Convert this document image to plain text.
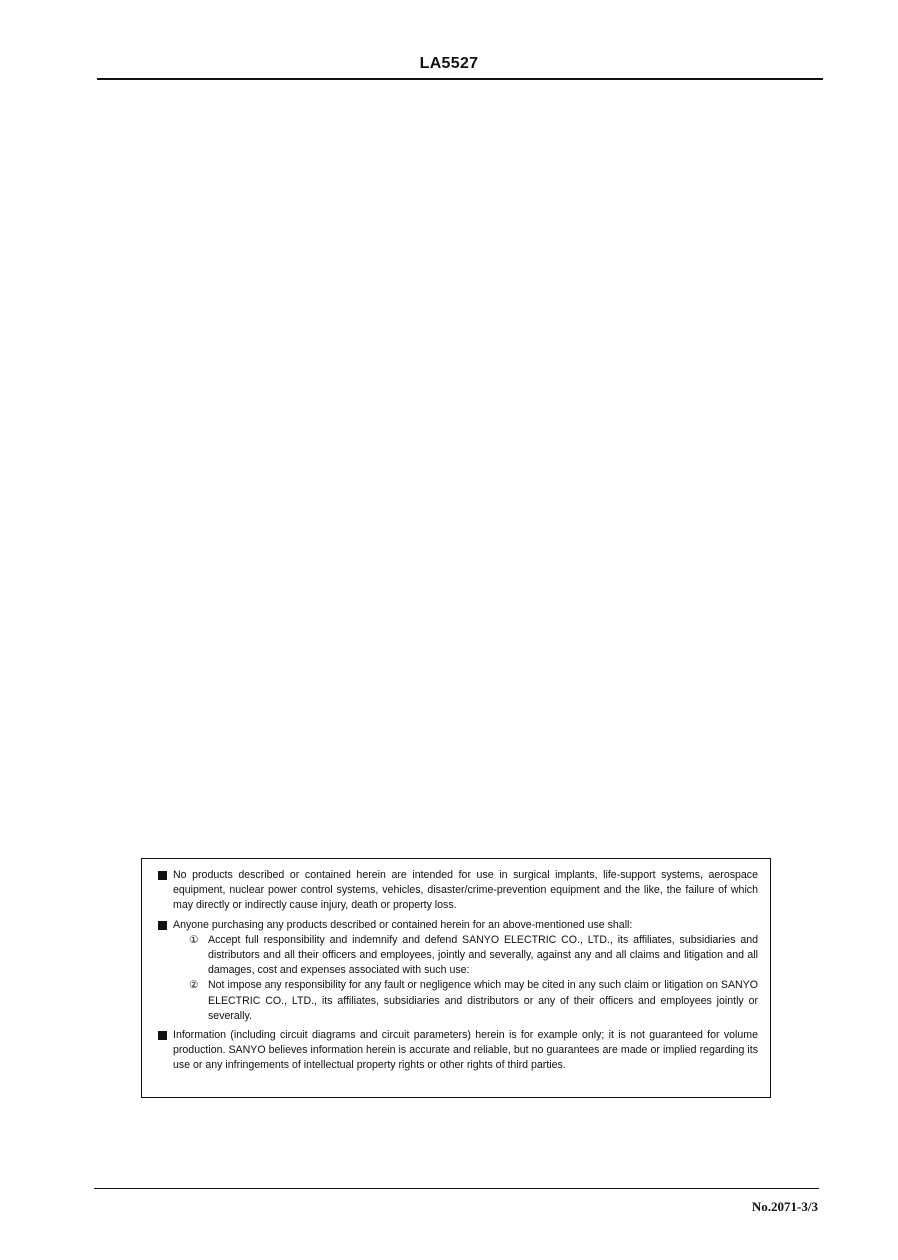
LA5527
No products described or contained herein are intended for use in surgical implants, life-support systems, aerospace equipment, nuclear power control systems, vehicles, disaster/crime-prevention equipment and the like, the failure of which may directly or indirectly cause injury, death or property loss.
Anyone purchasing any products described or contained herein for an above-mentioned use shall:
① Accept full responsibility and indemnify and defend SANYO ELECTRIC CO., LTD., its affiliates, subsidiaries and distributors and all their officers and employees, jointly and severally, against any and all claims and litigation and all damages, cost and expenses associated with such use:
② Not impose any responsibility for any fault or negligence which may be cited in any such claim or litigation on SANYO ELECTRIC CO., LTD., its affiliates, subsidiaries and distributors or any of their officers and employees jointly or severally.
Information (including circuit diagrams and circuit parameters) herein is for example only; it is not guaranteed for volume production. SANYO believes information herein is accurate and reliable, but no guarantees are made or implied regarding its use or any infringements of intellectual property rights or other rights of third parties.
No.2071-3/3
